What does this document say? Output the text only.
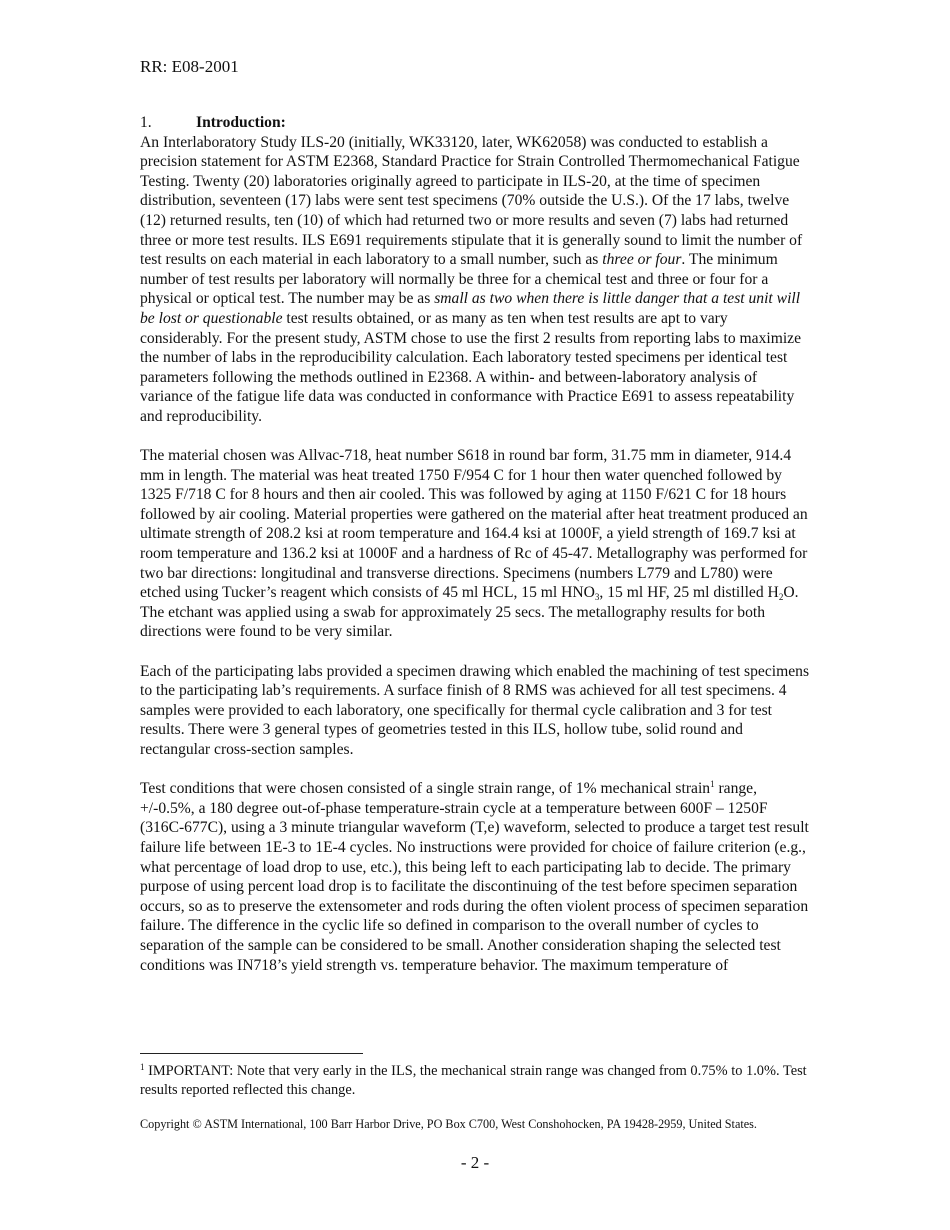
RR: E08-2001
1.	Introduction:

An Interlaboratory Study ILS-20 (initially, WK33120, later, WK62058) was conducted to establish a precision statement for ASTM E2368, Standard Practice for Strain Controlled Thermomechanical Fatigue Testing. Twenty (20) laboratories originally agreed to participate in ILS-20, at the time of specimen distribution, seventeen (17) labs were sent test specimens (70% outside the U.S.). Of the 17 labs, twelve (12) returned results, ten (10) of which had returned two or more results and seven (7) labs had returned three or more test results. ILS E691 requirements stipulate that it is generally sound to limit the number of test results on each material in each laboratory to a small number, such as three or four. The minimum number of test results per laboratory will normally be three for a chemical test and three or four for a physical or optical test. The number may be as small as two when there is little danger that a test unit will be lost or questionable test results obtained, or as many as ten when test results are apt to vary considerably. For the present study, ASTM chose to use the first 2 results from reporting labs to maximize the number of labs in the reproducibility calculation. Each laboratory tested specimens per identical test parameters following the methods outlined in E2368. A within- and between-laboratory analysis of variance of the fatigue life data was conducted in conformance with Practice E691 to assess repeatability and reproducibility.

The material chosen was Allvac-718, heat number S618 in round bar form, 31.75 mm in diameter, 914.4 mm in length. The material was heat treated 1750 F/954 C for 1 hour then water quenched followed by 1325 F/718 C for 8 hours and then air cooled. This was followed by aging at 1150 F/621 C for 18 hours followed by air cooling. Material properties were gathered on the material after heat treatment produced an ultimate strength of 208.2 ksi at room temperature and 164.4 ksi at 1000F, a yield strength of 169.7 ksi at room temperature and 136.2 ksi at 1000F and a hardness of Rc of 45-47. Metallography was performed for two bar directions: longitudinal and transverse directions. Specimens (numbers L779 and L780) were etched using Tucker’s reagent which consists of 45 ml HCL, 15 ml $HNO_3$, 15 ml HF, 25 ml distilled $H_2O$. The etchant was applied using a swab for approximately 25 secs. The metallography results for both directions were found to be very similar.

Each of the participating labs provided a specimen drawing which enabled the machining of test specimens to the participating lab’s requirements. A surface finish of 8 RMS was achieved for all test specimens. 4 samples were provided to each laboratory, one specifically for thermal cycle calibration and 3 for test results. There were 3 general types of geometries tested in this ILS, hollow tube, solid round and rectangular cross-section samples.

Test conditions that were chosen consisted of a single strain range, of 1% mechanical strain$^1$ range, +/-0.5%, a 180 degree out-of-phase temperature-strain cycle at a temperature between 600F – 1250F (316C-677C), using a 3 minute triangular waveform (T,e) waveform, selected to produce a target test result failure life between 1E-3 to 1E-4 cycles. No instructions were provided for choice of failure criterion (e.g., what percentage of load drop to use, etc.), this being left to each participating lab to decide. The primary purpose of using percent load drop is to facilitate the discontinuing of the test before specimen separation occurs, so as to preserve the extensometer and rods during the often violent process of specimen separation failure. The difference in the cyclic life so defined in comparison to the overall number of cycles to separation of the sample can be considered to be small. Another consideration shaping the selected test conditions was IN718’s yield strength vs. temperature behavior. The maximum temperature of

$^1$ IMPORTANT: Note that very early in the ILS, the mechanical strain range was changed from 0.75% to 1.0%. Test results reported reflected this change.
Copyright © ASTM International, 100 Barr Harbor Drive, PO Box C700, West Conshohocken, PA 19428-2959, United States.
- 2 -
